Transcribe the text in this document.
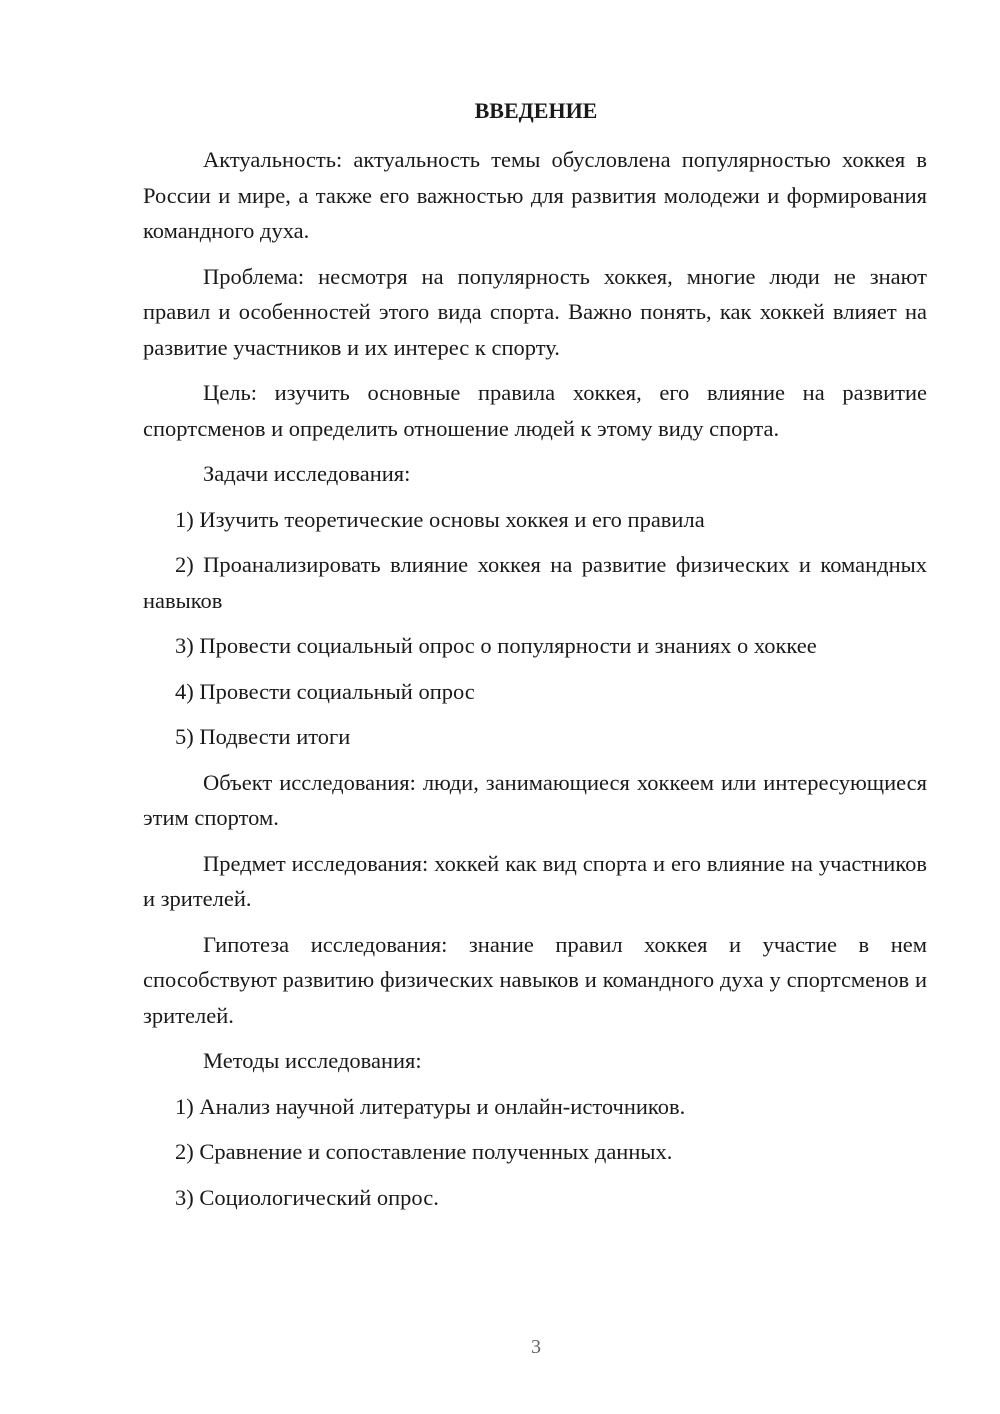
ВВЕДЕНИЕ

Актуальность: актуальность темы обусловлена популярностью хоккея в России и мире, а также его важностью для развития молодежи и формирования командного духа.

Проблема: несмотря на популярность хоккея, многие люди не знают правил и особенностей этого вида спорта. Важно понять, как хоккей влияет на развитие участников и их интерес к спорту.

Цель: изучить основные правила хоккея, его влияние на развитие спортсменов и определить отношение людей к этому виду спорта.

Задачи исследования:

1) Изучить теоретические основы хоккея и его правила

2) Проанализировать влияние хоккея на развитие физических и командных навыков

3) Провести социальный опрос о популярности и знаниях о хоккее

4) Провести социальный опрос

5) Подвести итоги

Объект исследования: люди, занимающиеся хоккеем или интересующиеся этим спортом.

Предмет исследования: хоккей как вид спорта и его влияние на участников и зрителей.

Гипотеза исследования: знание правил хоккея и участие в нем способствуют развитию физических навыков и командного духа у спортсменов и зрителей.

Методы исследования:

1) Анализ научной литературы и онлайн-источников.

2) Сравнение и сопоставление полученных данных.

3) Социологический опрос.

3
